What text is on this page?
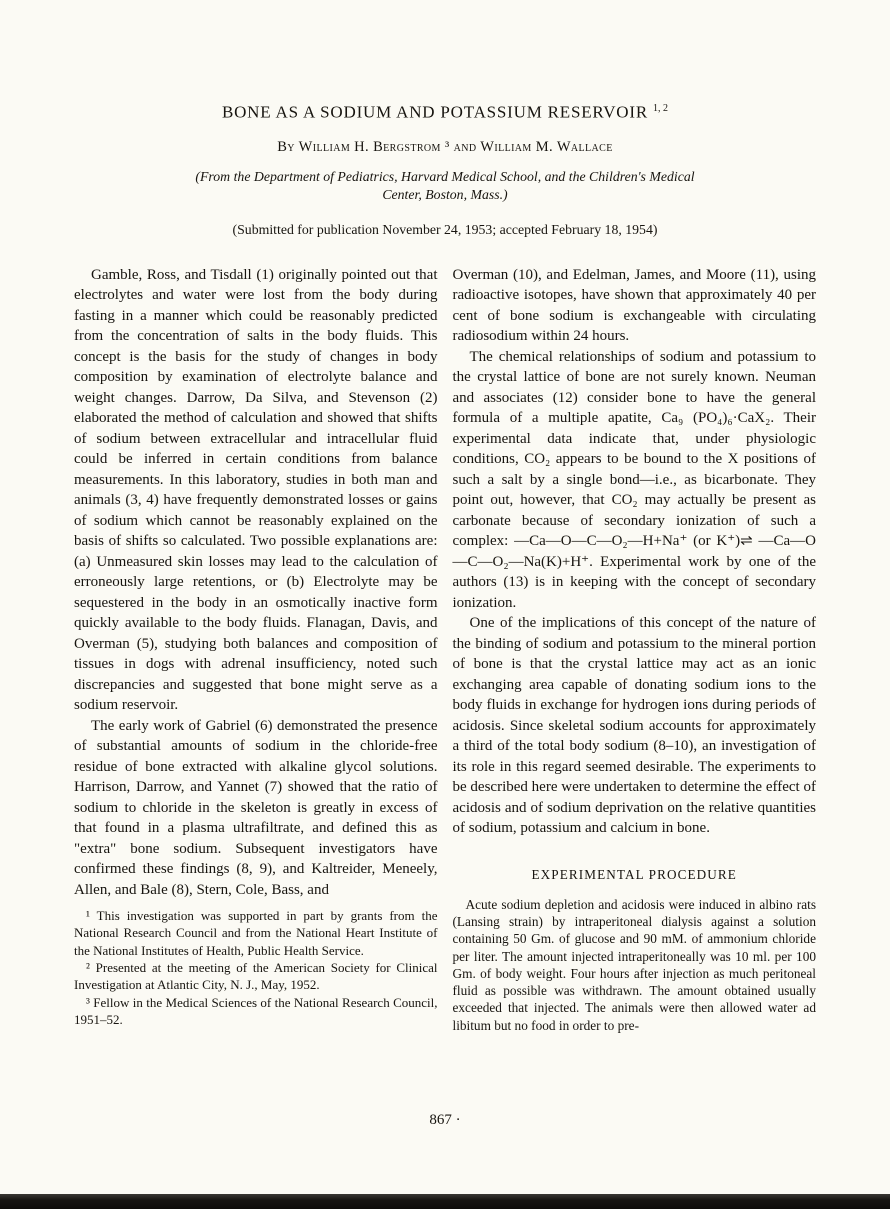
BONE AS A SODIUM AND POTASSIUM RESERVOIR $^{1, 2}$
By William H. Bergstrom ³ and William M. Wallace
(From the Department of Pediatrics, Harvard Medical School, and the Children's Medical
Center, Boston, Mass.)
(Submitted for publication November 24, 1953; accepted February 18, 1954)

Gamble, Ross, and Tisdall (1) originally pointed out that electrolytes and water were lost from the body during fasting in a manner which could be reasonably predicted from the concentration of salts in the body fluids. This concept is the basis for the study of changes in body composition by examination of electrolyte balance and weight changes. Darrow, Da Silva, and Stevenson (2) elaborated the method of calculation and showed that shifts of sodium between extracellular and intracellular fluid could be inferred in certain conditions from balance measurements. In this laboratory, studies in both man and animals (3, 4) have frequently demonstrated losses or gains of sodium which cannot be reasonably explained on the basis of shifts so calculated. Two possible explanations are: (a) Unmeasured skin losses may lead to the calculation of erroneously large retentions, or (b) Electrolyte may be sequestered in the body in an osmotically inactive form quickly available to the body fluids. Flanagan, Davis, and Overman (5), studying both balances and composition of tissues in dogs with adrenal insufficiency, noted such discrepancies and suggested that bone might serve as a sodium reservoir.

The early work of Gabriel (6) demonstrated the presence of substantial amounts of sodium in the chloride-free residue of bone extracted with alkaline glycol solutions. Harrison, Darrow, and Yannet (7) showed that the ratio of sodium to chloride in the skeleton is greatly in excess of that found in a plasma ultrafiltrate, and defined this as "extra" bone sodium. Subsequent investigators have confirmed these findings (8, 9), and Kaltreider, Meneely, Allen, and Bale (8), Stern, Cole, Bass, and

¹ This investigation was supported in part by grants from the National Research Council and from the National Heart Institute of the National Institutes of Health, Public Health Service.

² Presented at the meeting of the American Society for Clinical Investigation at Atlantic City, N. J., May, 1952.

³ Fellow in the Medical Sciences of the National Research Council, 1951–52.

Overman (10), and Edelman, James, and Moore (11), using radioactive isotopes, have shown that approximately 40 per cent of bone sodium is exchangeable with circulating radiosodium within 24 hours.

The chemical relationships of sodium and potassium to the crystal lattice of bone are not surely known. Neuman and associates (12) consider bone to have the general formula of a multiple apatite, Ca₉ (PO₄)₆·CaX₂. Their experimental data indicate that, under physiologic conditions, CO₂ appears to be bound to the X positions of such a salt by a single bond—i.e., as bicarbonate. They point out, however, that CO₂ may actually be present as carbonate because of secondary ionization of such a complex: —Ca—O—C—O₂—H+Na⁺ (or K⁺)⇌ —Ca—O—C—O₂—Na(K)+H⁺. Experimental work by one of the authors (13) is in keeping with the concept of secondary ionization.

One of the implications of this concept of the nature of the binding of sodium and potassium to the mineral portion of bone is that the crystal lattice may act as an ionic exchanging area capable of donating sodium ions to the body fluids in exchange for hydrogen ions during periods of acidosis. Since skeletal sodium accounts for approximately a third of the total body sodium (8–10), an investigation of its role in this regard seemed desirable. The experiments to be described here were undertaken to determine the effect of acidosis and of sodium deprivation on the relative quantities of sodium, potassium and calcium in bone.

EXPERIMENTAL PROCEDURE

Acute sodium depletion and acidosis were induced in albino rats (Lansing strain) by intraperitoneal dialysis against a solution containing 50 Gm. of glucose and 90 mM. of ammonium chloride per liter. The amount injected intraperitoneally was 10 ml. per 100 Gm. of body weight. Four hours after injection as much peritoneal fluid as possible was withdrawn. The amount obtained usually exceeded that injected. The animals were then allowed water ad libitum but no food in order to pre-

867 ·
